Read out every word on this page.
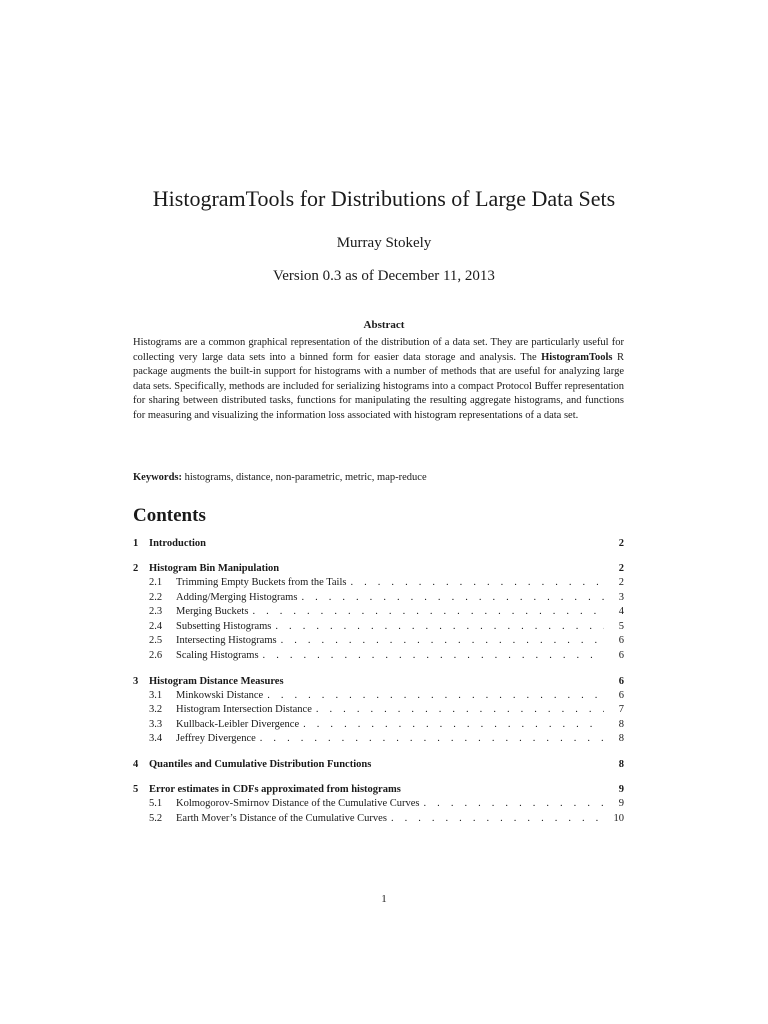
HistogramTools for Distributions of Large Data Sets
Murray Stokely
Version 0.3 as of December 11, 2013
Abstract

Histograms are a common graphical representation of the distribution of a data set. They are particularly useful for collecting very large data sets into a binned form for easier data storage and analysis. The HistogramTools R package augments the built-in support for histograms with a number of methods that are useful for analyzing large data sets. Specifically, methods are included for serializing histograms into a compact Protocol Buffer representation for sharing between distributed tasks, functions for manipulating the resulting aggregate histograms, and functions for measuring and visualizing the information loss associated with histogram representations of a data set.

Keywords: histograms, distance, non-parametric, metric, map-reduce
Contents
1	Introduction	2
2	Histogram Bin Manipulation	2
2.1	Trimming Empty Buckets from the Tails . . .	2
2.2	Adding/Merging Histograms . . .	3
2.3	Merging Buckets . . .	4
2.4	Subsetting Histograms . . .	5
2.5	Intersecting Histograms . . .	6
2.6	Scaling Histograms . . .	6
3	Histogram Distance Measures	6
3.1	Minkowski Distance . . .	6
3.2	Histogram Intersection Distance . . .	7
3.3	Kullback-Leibler Divergence . . .	8
3.4	Jeffrey Divergence . . .	8
4	Quantiles and Cumulative Distribution Functions	8
5	Error estimates in CDFs approximated from histograms	9
5.1	Kolmogorov-Smirnov Distance of the Cumulative Curves . . .	9
5.2	Earth Mover’s Distance of the Cumulative Curves . . .	10
1
